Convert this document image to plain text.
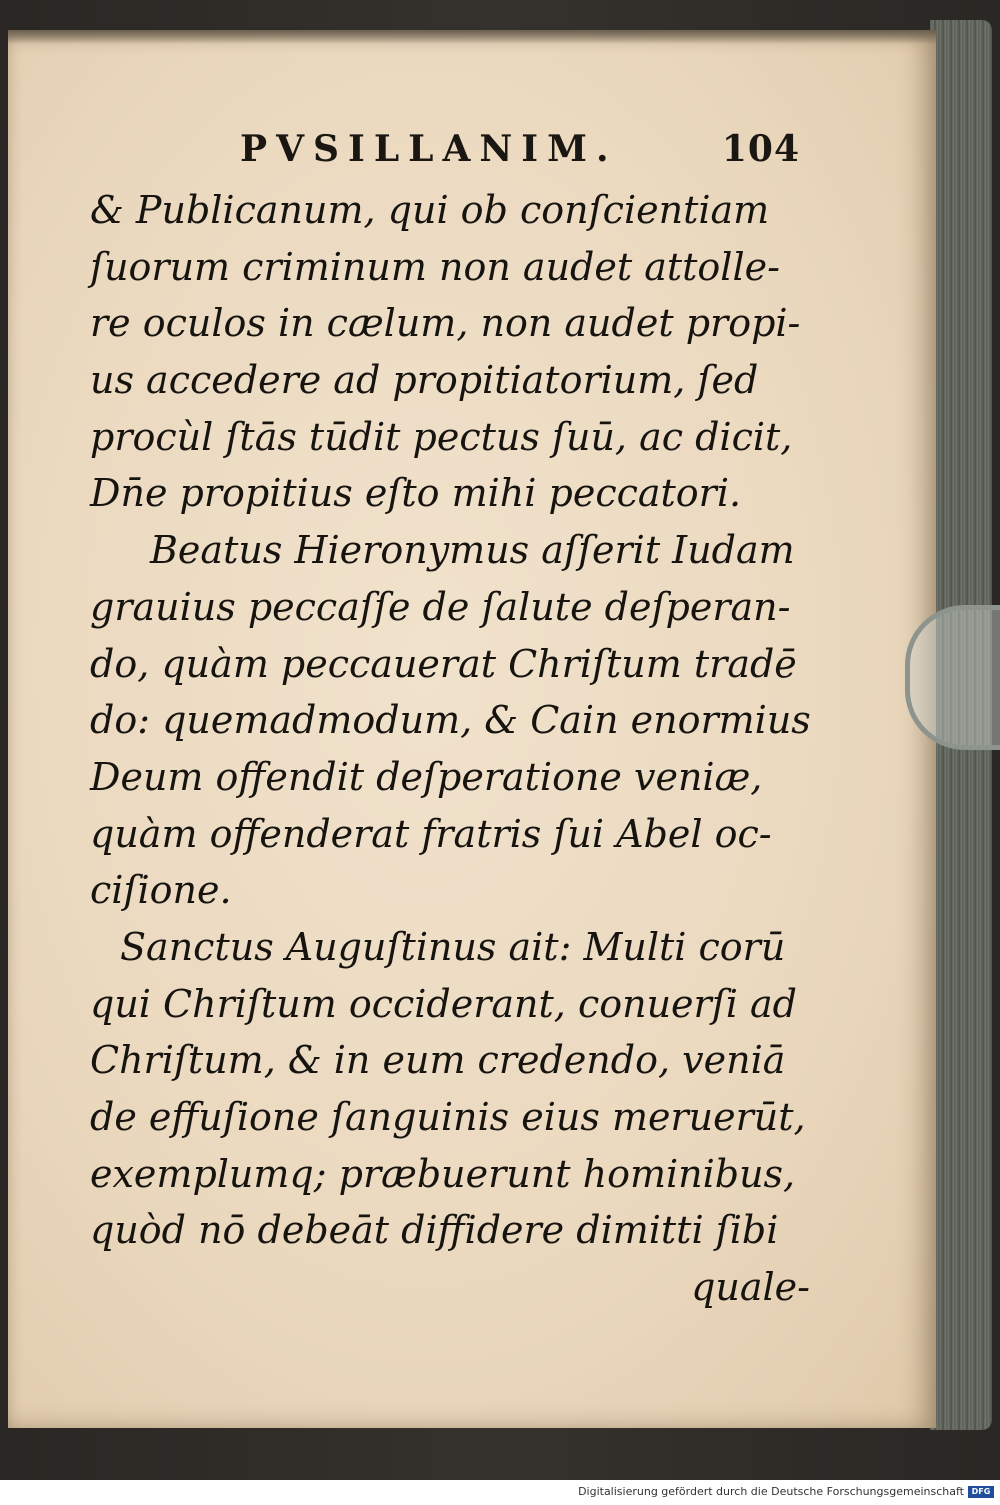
PVSILLANIM.	104
& Publicanum, qui ob conſcientiam
ſuorum criminum non audet attolle-
re oculos in cælum, non audet propi-
us accedere ad propitiatorium, ſed
procùl ſtās tūdit pectus ſuū, ac dicit,
Dn̄e propitius eſto mihi peccatori.
Beatus Hieronymus aſſerit Iudam
grauius peccaſſe de ſalute deſperan-
do, quàm peccauerat Chriſtum tradē
do: quemadmodum, & Cain enormius
Deum offendit deſperatione veniæ,
quàm offenderat fratris ſui Abel oc-
ciſione.
Sanctus Auguſtinus ait: Multi corū
qui Chriſtum occiderant, conuerſi ad
Chriſtum, & in eum credendo, veniā
de effuſione ſanguinis eius meruerūt,
exemplumq; præbuerunt hominibus,
quòd nō debeāt diffidere dimitti ſibi
quale-
Digitalisierung gefördert durch die Deutsche Forschungsgemeinschaft DFG
